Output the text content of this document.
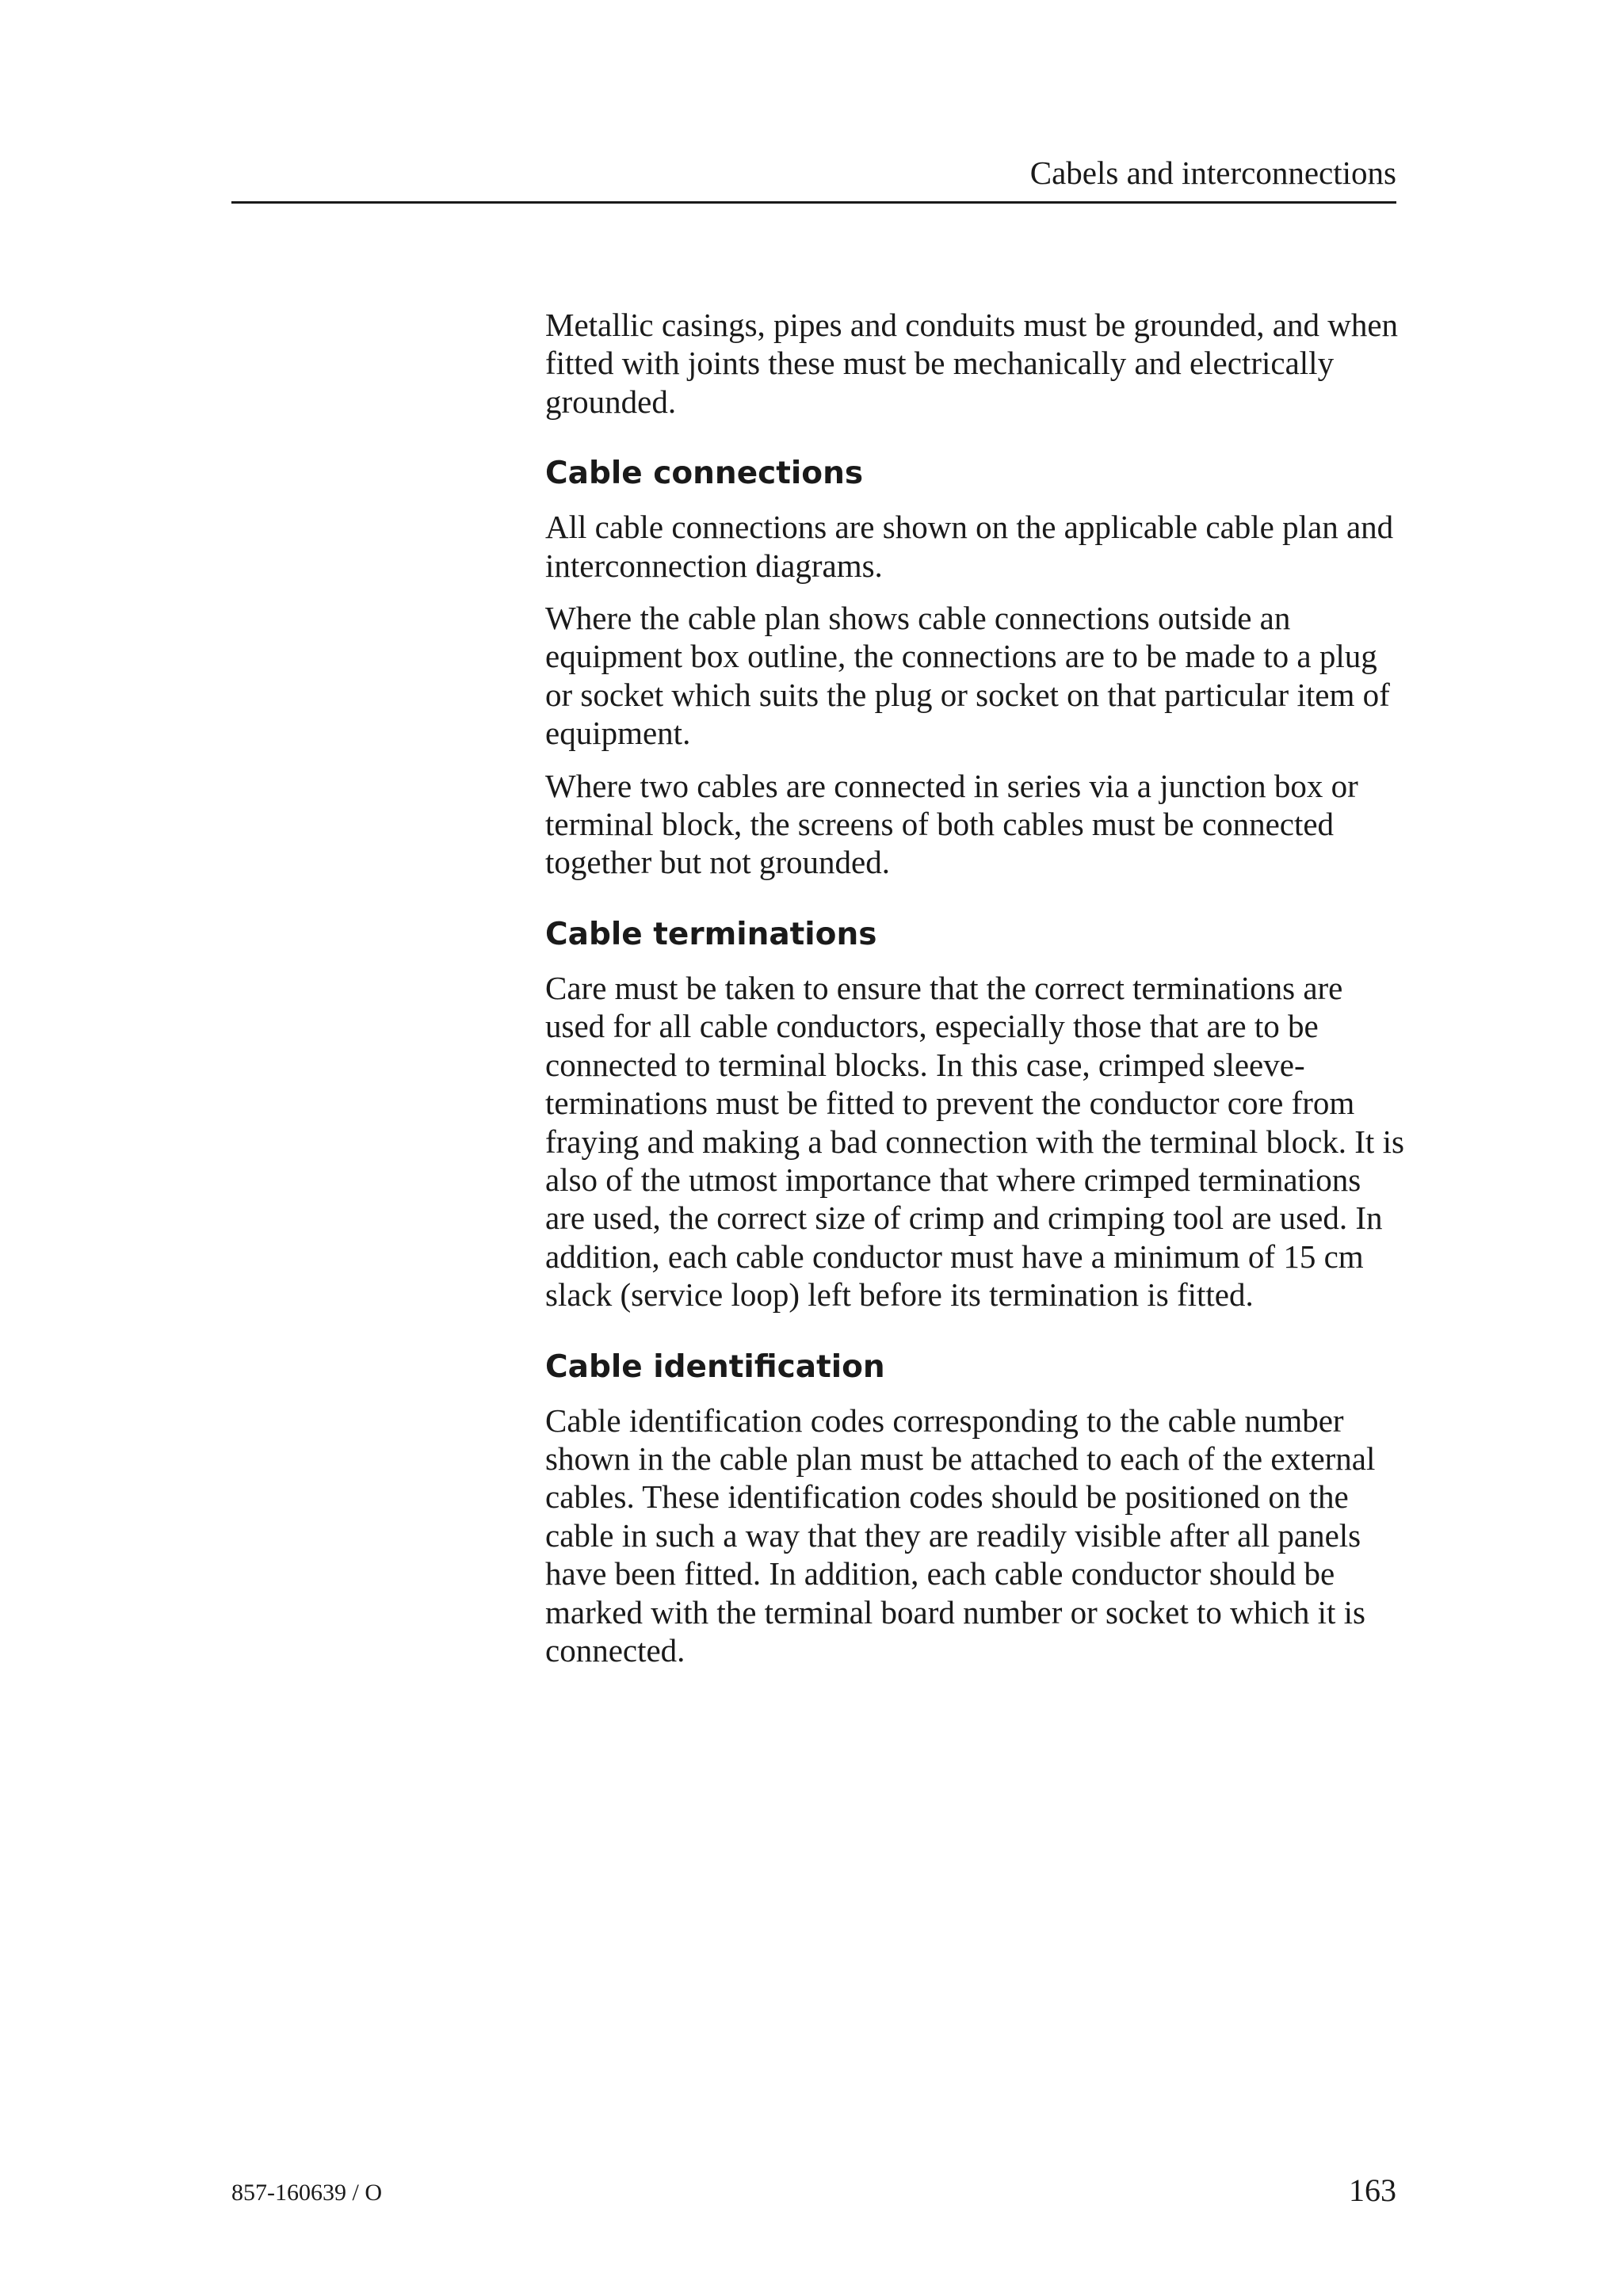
Cabels and interconnections

Metallic casings, pipes and conduits must be grounded, and when fitted with joints these must be mechanically and electrically grounded.

Cable connections

All cable connections are shown on the applicable cable plan and interconnection diagrams.

Where the cable plan shows cable connections outside an equipment box outline, the connections are to be made to a plug or socket which suits the plug or socket on that particular item of equipment.

Where two cables are connected in series via a junction box or terminal block, the screens of both cables must be connected together but not grounded.

Cable terminations

Care must be taken to ensure that the correct terminations are used for all cable conductors, especially those that are to be connected to terminal blocks. In this case, crimped sleeve-terminations must be fitted to prevent the conductor core from fraying and making a bad connection with the terminal block. It is also of the utmost importance that where crimped terminations are used, the correct size of crimp and crimping tool are used. In addition, each cable conductor must have a minimum of 15 cm slack (service loop) left before its termination is fitted.

Cable identification

Cable identification codes corresponding to the cable number shown in the cable plan must be attached to each of the external cables. These identification codes should be positioned on the cable in such a way that they are readily visible after all panels have been fitted. In addition, each cable conductor should be marked with the terminal board number or socket to which it is connected.

857-160639 / O	163
